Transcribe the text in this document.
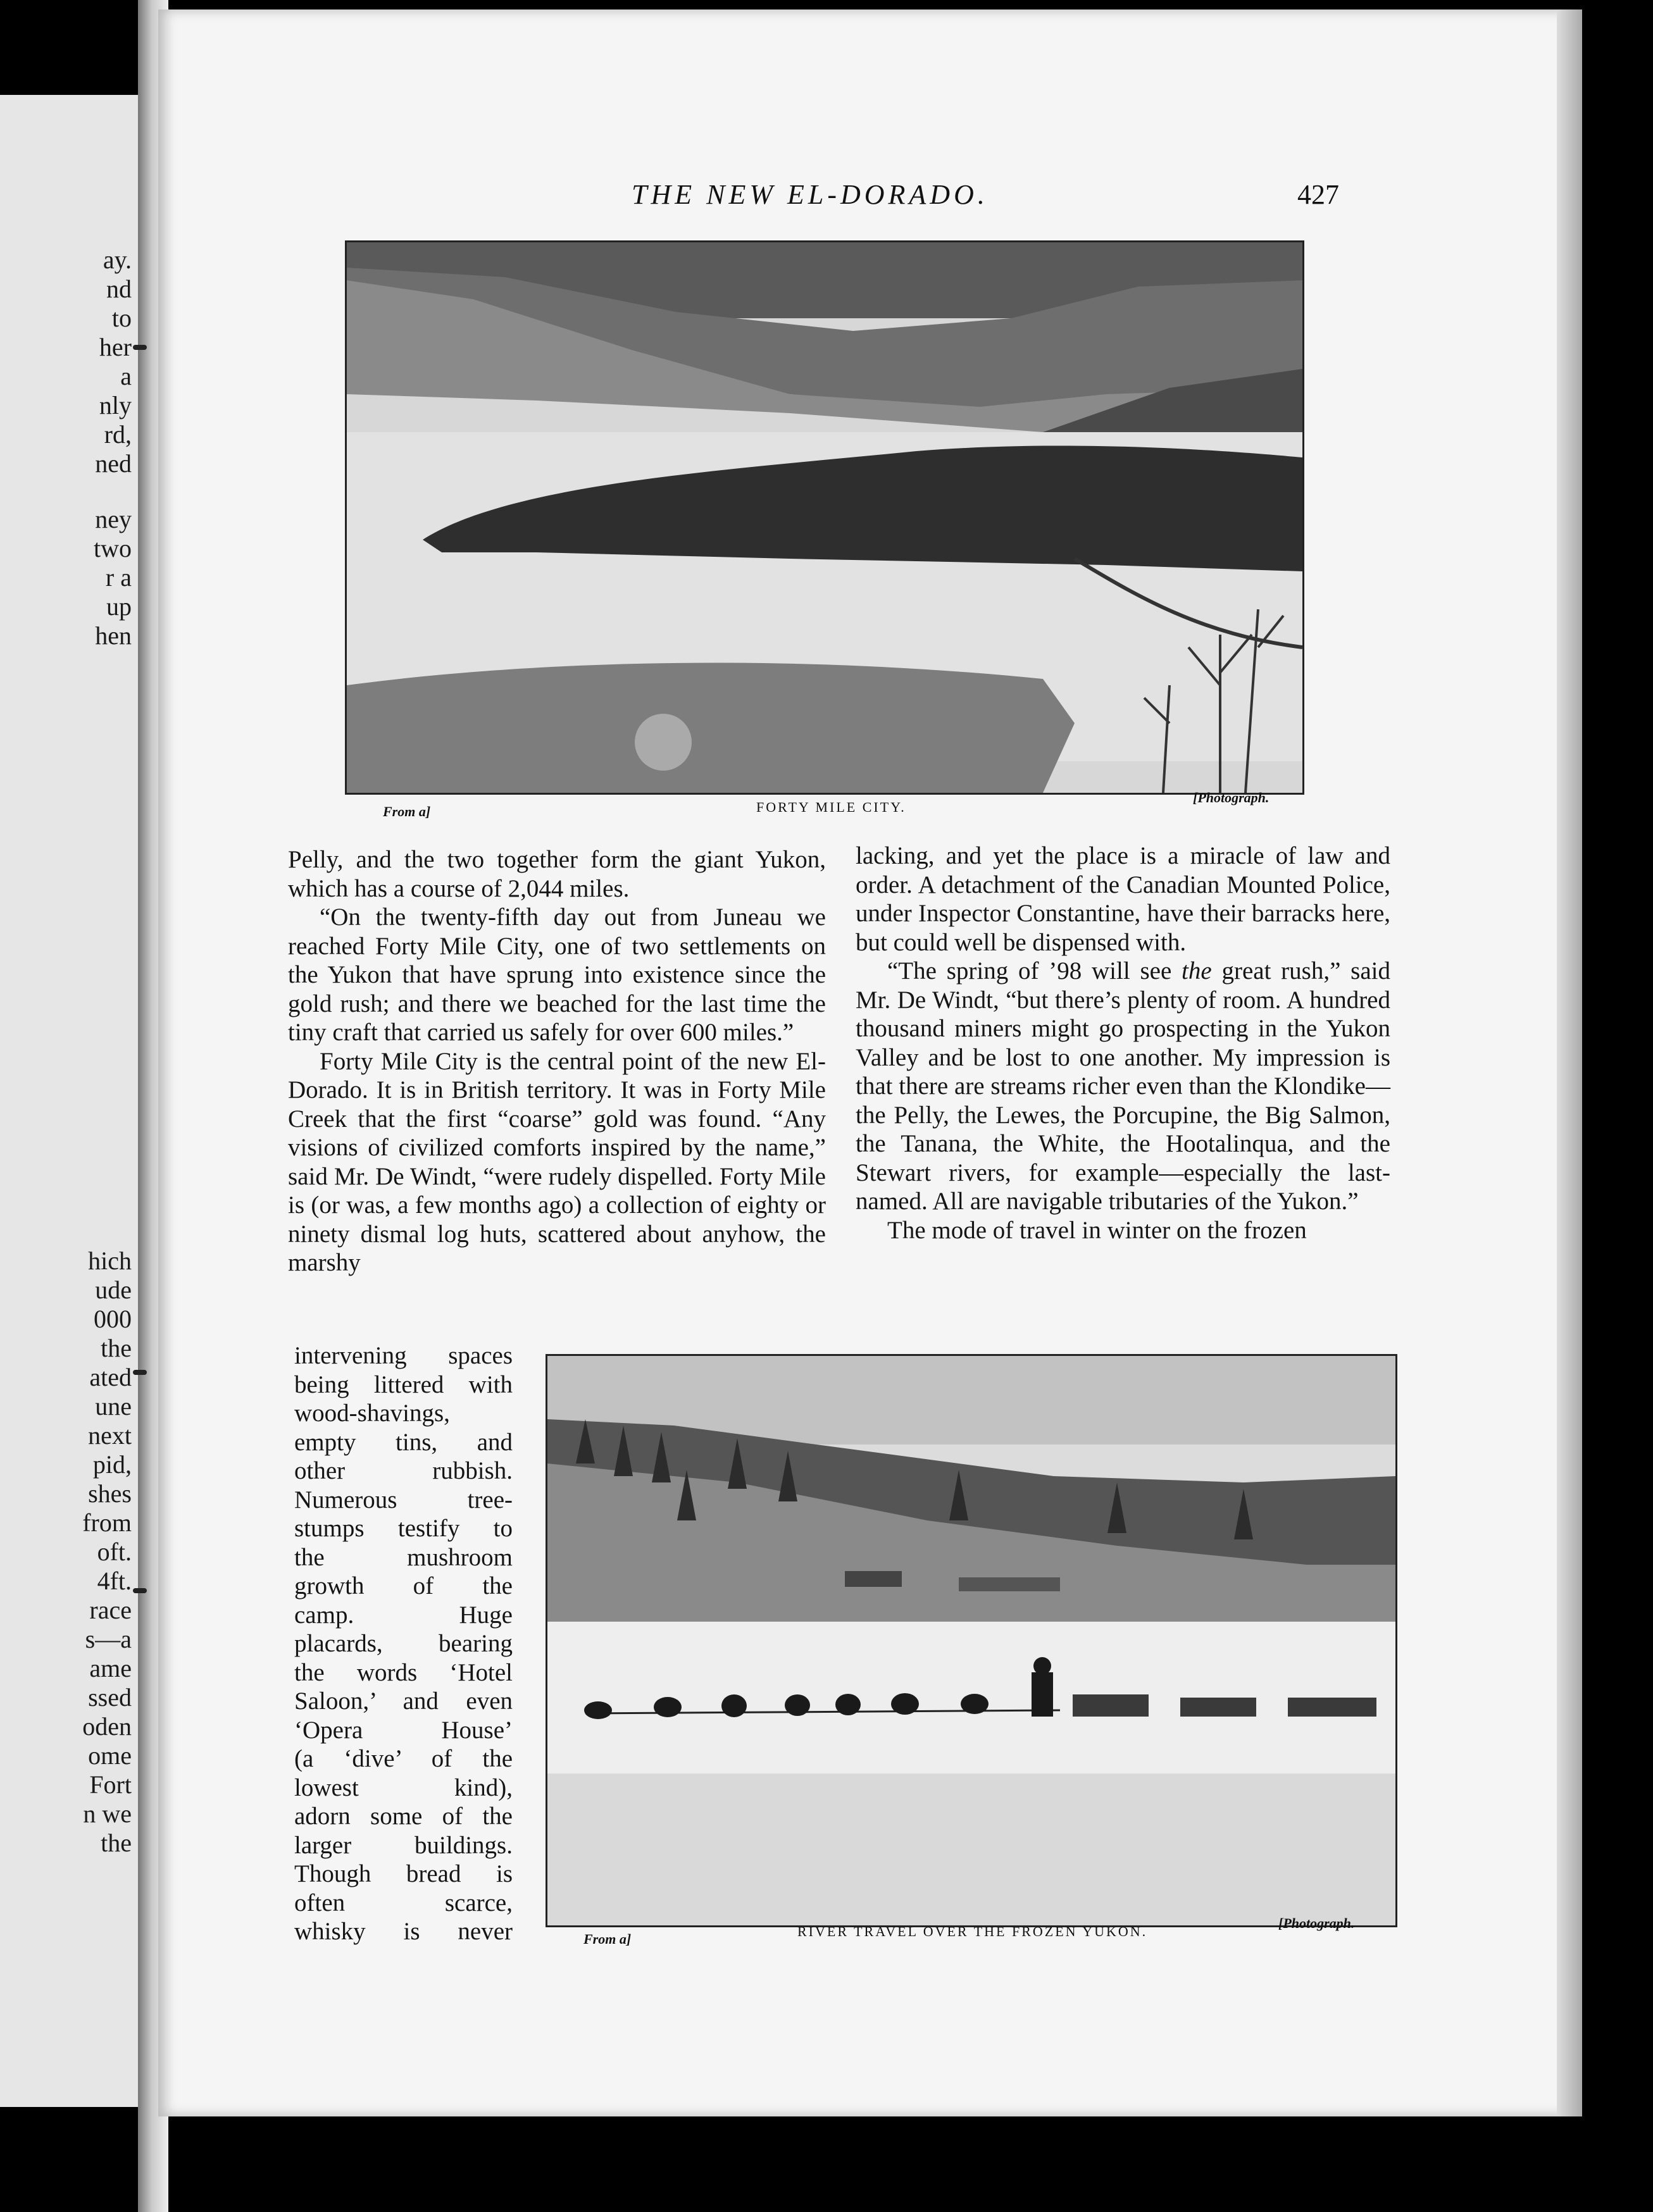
ay.
nd
to
her
a
nly
rd,
ned
ney
two
r a
up
hen
hich
ude
000
the
ated
une
next
pid,
shes
from
oft.
4ft.
race
s—a
ame
ssed
oden
ome
Fort
n we
the
THE NEW EL-DORADO.	427
From a]	FORTY MILE CITY.
[Photograph.

Pelly, and the two together form the giant Yukon, which has a course of 2,044 miles.

“On the twenty-fifth day out from Juneau we reached Forty Mile City, one of two settlements on the Yukon that have sprung into existence since the gold rush; and there we beached for the last time the tiny craft that carried us safely for over 600 miles.”

Forty Mile City is the central point of the new El-Dorado. It is in British territory. It was in Forty Mile Creek that the first “coarse” gold was found. “Any visions of civilized comforts inspired by the name,” said Mr. De Windt, “were rudely dispelled. Forty Mile is (or was, a few months ago) a collection of eighty or ninety dismal log huts, scattered about anyhow, the marshy

intervening spaces
being littered with
wood-shavings,
empty tins, and
other rubbish.
Numerous tree-
stumps testify to
the mushroom
growth of the
camp. Huge
placards, bearing
the words ‘Hotel
Saloon,’ and even
‘Opera House’
(a ‘dive’ of the
lowest kind),
adorn some of the
larger buildings.
Though bread is
often scarce,
whisky is never

lacking, and yet the place is a miracle of law and order. A detachment of the Canadian Mounted Police, under Inspector Constantine, have their barracks here, but could well be dispensed with.

“The spring of ’98 will see the great rush,” said Mr. De Windt, “but there’s plenty of room. A hundred thousand miners might go prospecting in the Yukon Valley and be lost to one another. My impression is that there are streams richer even than the Klondike—the Pelly, the Lewes, the Porcupine, the Big Salmon, the Tanana, the White, the Hootalinqua, and the Stewart rivers, for example—especially the last-named. All are navigable tributaries of the Yukon.”

The mode of travel in winter on the frozen

From a]	RIVER TRAVEL OVER THE FROZEN YUKON.
[Photograph.
